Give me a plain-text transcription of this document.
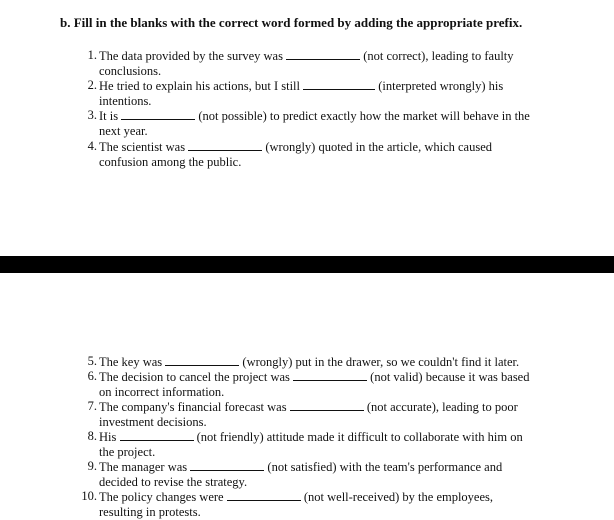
b. Fill in the blanks with the correct word formed by adding the appropriate prefix.
1. The data provided by the survey was	(not correct), leading to faulty
conclusions.
2. He tried to explain his actions, but I still	(interpreted wrongly) his
intentions.
3. It is	(not possible) to predict exactly how the market will behave in the
next year.
4. The scientist was	(wrongly) quoted in the article, which caused
confusion among the public.
5. The key was	(wrongly) put in the drawer, so we couldn't find it later.
6. The decision to cancel the project was	(not valid) because it was based
on incorrect information.
7. The company's financial forecast was	(not accurate), leading to poor
investment decisions.
8. His	(not friendly) attitude made it difficult to collaborate with him on
the project.
9. The manager was	(not satisfied) with the team's performance and
decided to revise the strategy.
10. The policy changes were	(not well-received) by the employees,
resulting in protests.
